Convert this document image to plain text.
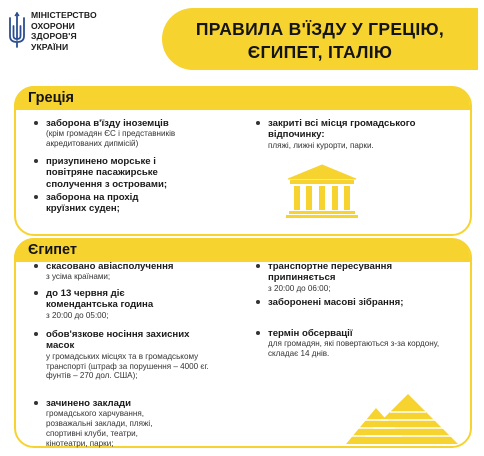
МІНІСТЕРСТВО
ОХОРОНИ
ЗДОРОВ'Я
УКРАЇНИ
ПРАВИЛА В'ЇЗДУ У ГРЕЦІЮ,
ЄГИПЕТ, ІТАЛІЮ
Греція
заборона в'їзду іноземців
(крім громадян ЄС і представників акредитованих дипмісій)
призупинено морське і повітряне пасажирське сполучення з островами;
заборона на прохід круїзних суден;
закриті всі місця громадського відпочинку:
пляжі, лижні курорти, парки.
Єгипет
скасовано авіасполучення
з усіма країнами;
до 13 червня діє комендантська година
з 20:00 до 05:00;
обов'язкове носіння захисних масок
у громадських місцях та в громадському транспорті (штраф за порушення – 4000 єг. фунтів – 270 дол. США);
зачинено заклади
громадського харчування, розважальні заклади, пляжі, спортивні клуби, театри, кінотеатри, парки;
транспортне пересування припиняється
з 20:00 до 06:00;
заборонені масові зібрання;
термін обсервації
для громадян, які повертаються з-за кордону, складає 14 днів.
